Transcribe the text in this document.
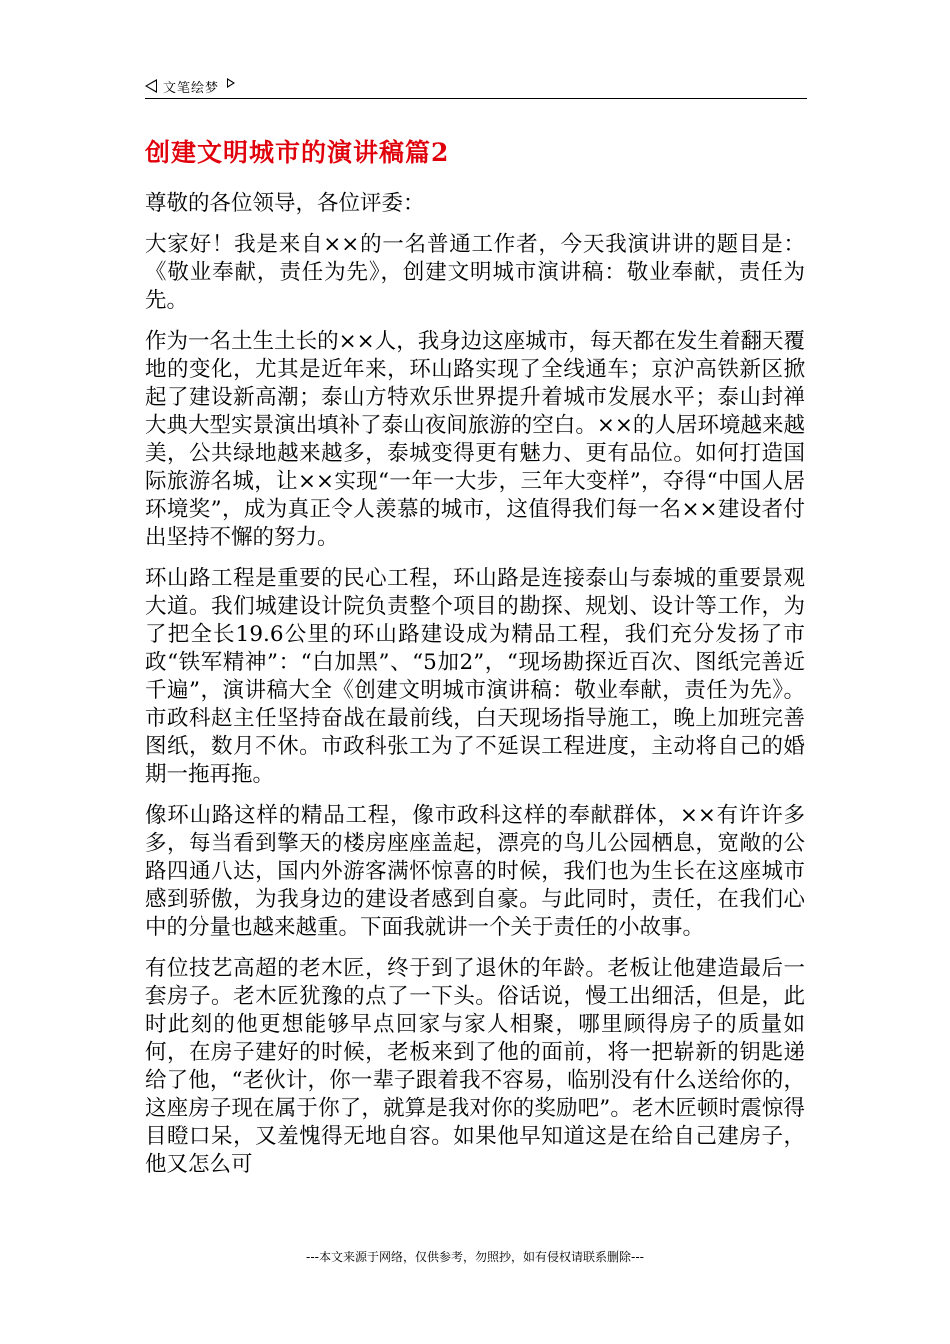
文笔绘梦
创建文明城市的演讲稿篇2

尊敬的各位领导，各位评委：

大家好！我是来自××的一名普通工作者，今天我演讲讲的题目是：《敬业奉献，责任为先》，创建文明城市演讲稿：敬业奉献，责任为先。

作为一名土生土长的××人，我身边这座城市，每天都在发生着翻天覆地的变化，尤其是近年来，环山路实现了全线通车；京沪高铁新区掀起了建设新高潮；泰山方特欢乐世界提升着城市发展水平；泰山封禅大典大型实景演出填补了泰山夜间旅游的空白。××的人居环境越来越美，公共绿地越来越多，泰城变得更有魅力、更有品位。如何打造国际旅游名城，让××实现“一年一大步，三年大变样”，夺得“中国人居环境奖”，成为真正令人羡慕的城市，这值得我们每一名××建设者付出坚持不懈的努力。

环山路工程是重要的民心工程，环山路是连接泰山与泰城的重要景观大道。我们城建设计院负责整个项目的勘探、规划、设计等工作，为了把全长19.6公里的环山路建设成为精品工程，我们充分发扬了市政“铁军精神”：“白加黑”、“5加2”，“现场勘探近百次、图纸完善近千遍”，演讲稿大全《创建文明城市演讲稿：敬业奉献，责任为先》。市政科赵主任坚持奋战在最前线，白天现场指导施工，晚上加班完善图纸，数月不休。市政科张工为了不延误工程进度，主动将自己的婚期一拖再拖。

像环山路这样的精品工程，像市政科这样的奉献群体，××有许许多多，每当看到擎天的楼房座座盖起，漂亮的鸟儿公园栖息，宽敞的公路四通八达，国内外游客满怀惊喜的时候，我们也为生长在这座城市感到骄傲，为我身边的建设者感到自豪。与此同时，责任，在我们心中的分量也越来越重。下面我就讲一个关于责任的小故事。

有位技艺高超的老木匠，终于到了退休的年龄。老板让他建造最后一套房子。老木匠犹豫的点了一下头。俗话说，慢工出细活，但是，此时此刻的他更想能够早点回家与家人相聚，哪里顾得房子的质量如何，在房子建好的时候，老板来到了他的面前，将一把崭新的钥匙递给了他，“老伙计，你一辈子跟着我不容易，临别没有什么送给你的，这座房子现在属于你了，就算是我对你的奖励吧”。老木匠顿时震惊得目瞪口呆，又羞愧得无地自容。如果他早知道这是在给自己建房子，他又怎么可

---本文来源于网络，仅供参考，勿照抄，如有侵权请联系删除---
